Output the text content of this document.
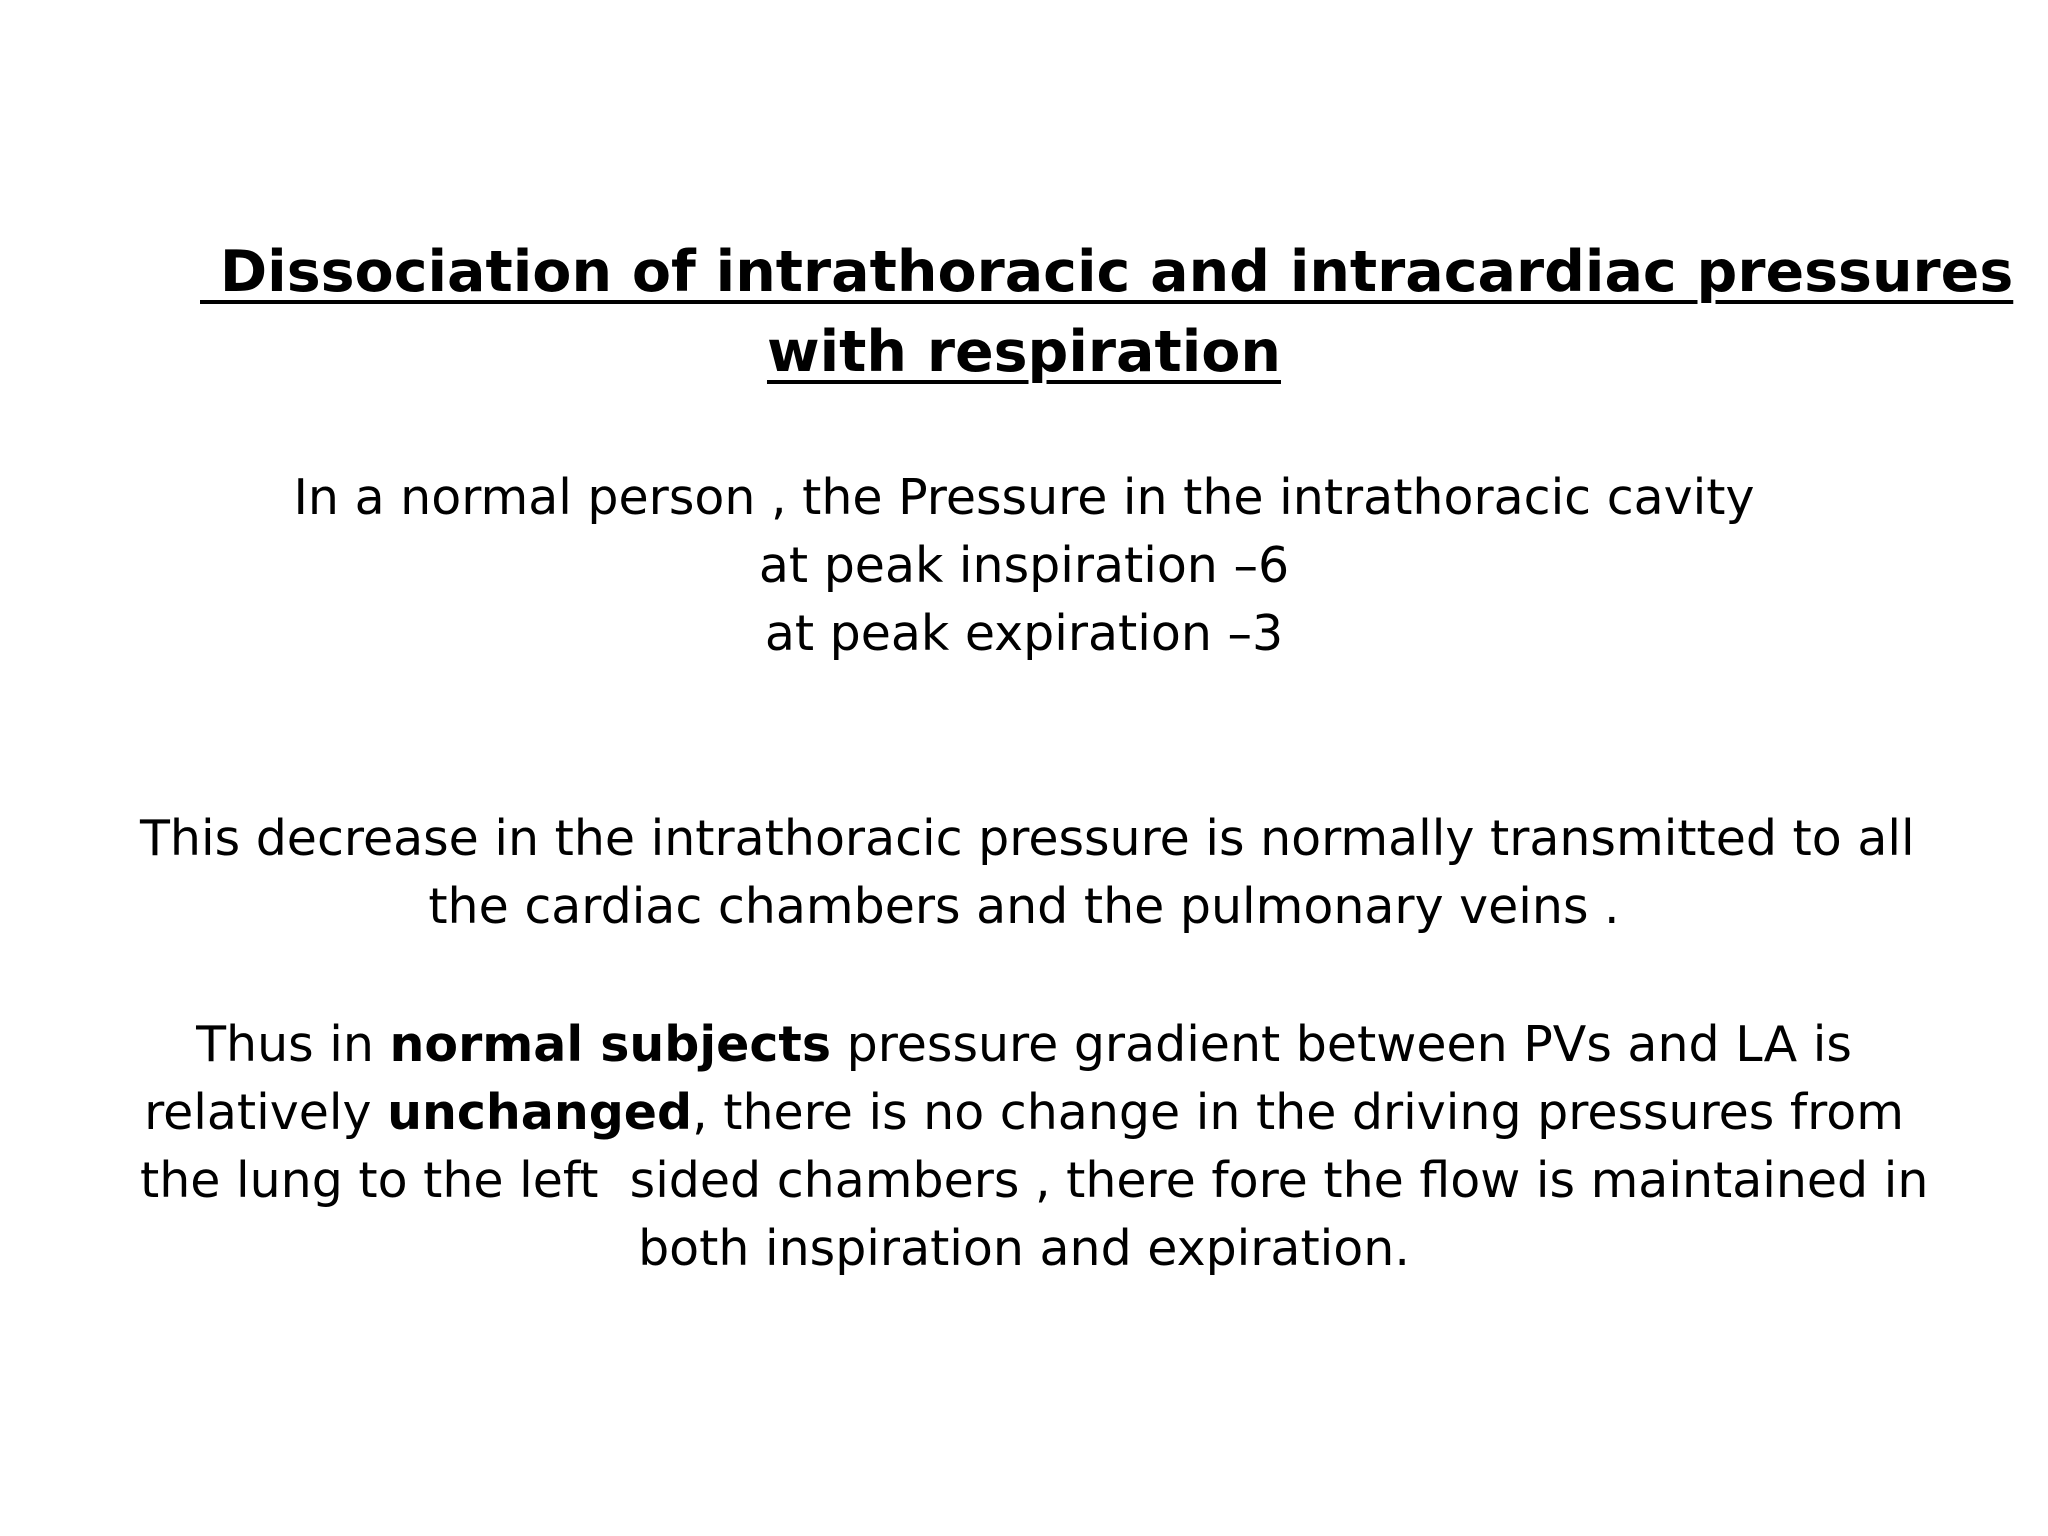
Dissociation of intrathoracic and intracardiac pressures
with respiration

In a normal person , the Pressure in the intrathoracic cavity
at peak inspiration –6
at peak expiration –3

This decrease in the intrathoracic pressure is normally transmitted to all
the cardiac chambers and the pulmonary veins .

Thus in normal subjects pressure gradient between PVs and LA is
relatively unchanged, there is no change in the driving pressures from
the lung to the left  sided chambers , there fore the flow is maintained in
both inspiration and expiration.
